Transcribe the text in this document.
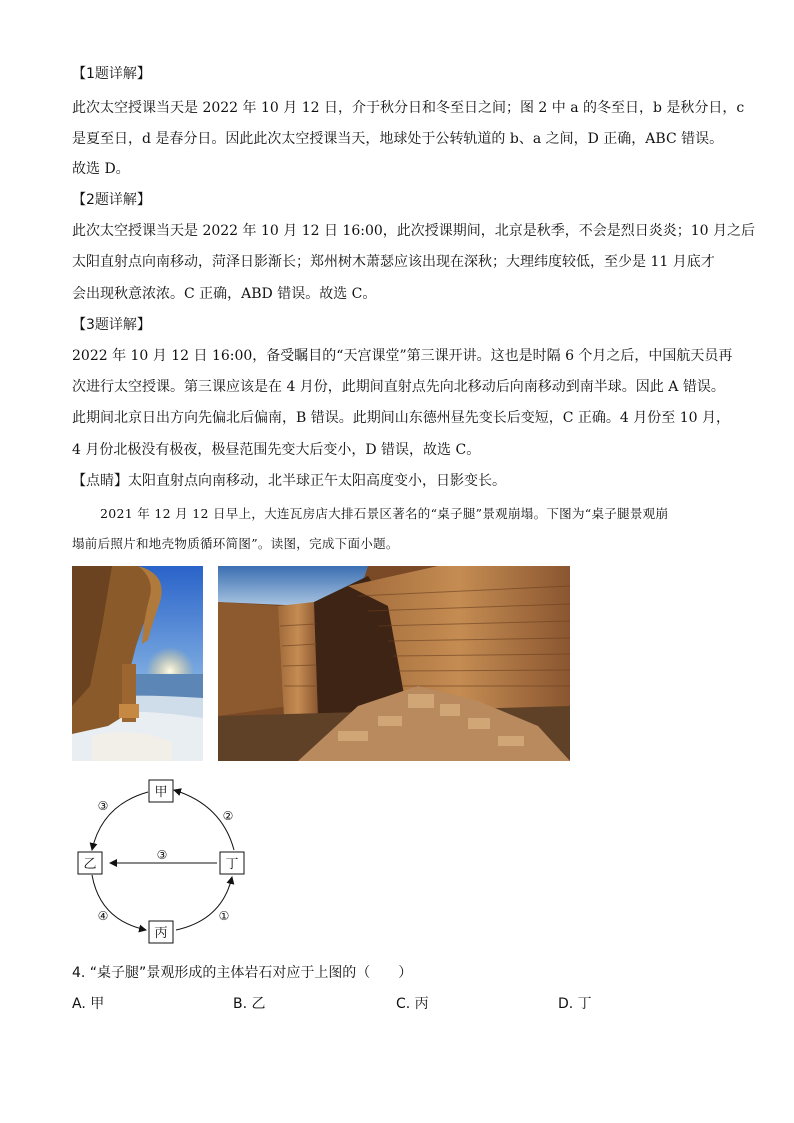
【1题详解】
此次太空授课当天是 2022 年 10 月 12 日，介于秋分日和冬至日之间；图 2 中 a 的冬至日，b 是秋分日，c
是夏至日，d 是春分日。因此此次太空授课当天，地球处于公转轨道的 b、a 之间，D 正确，ABC 错误。
故选 D。
【2题详解】
此次太空授课当天是 2022 年 10 月 12 日 16:00，此次授课期间，北京是秋季，不会是烈日炎炎；10 月之后
太阳直射点向南移动，菏泽日影渐长；郑州树木萧瑟应该出现在深秋；大理纬度较低，至少是 11 月底才
会出现秋意浓浓。C 正确，ABD 错误。故选 C。
【3题详解】
2022 年 10 月 12 日 16:00，备受瞩目的“天宫课堂”第三课开讲。这也是时隔 6 个月之后，中国航天员再
次进行太空授课。第三课应该是在 4 月份，此期间直射点先向北移动后向南移动到南半球。因此 A 错误。
此期间北京日出方向先偏北后偏南，B 错误。此期间山东德州昼先变长后变短，C 正确。4 月份至 10 月，
4 月份北极没有极夜，极昼范围先变大后变小，D 错误，故选 C。
【点睛】太阳直射点向南移动，北半球正午太阳高度变小，日影变长。
2021 年 12 月 12 日早上，大连瓦房店大排石景区著名的“桌子腿”景观崩塌。下图为“桌子腿景观崩
塌前后照片和地壳物质循环简图”。读图，完成下面小题。
甲
乙
丙
丁
③
②
③
④	①
4. “桌子腿”景观形成的主体岩石对应于上图的（　　）
A. 甲	B. 乙	C. 丙	D. 丁
